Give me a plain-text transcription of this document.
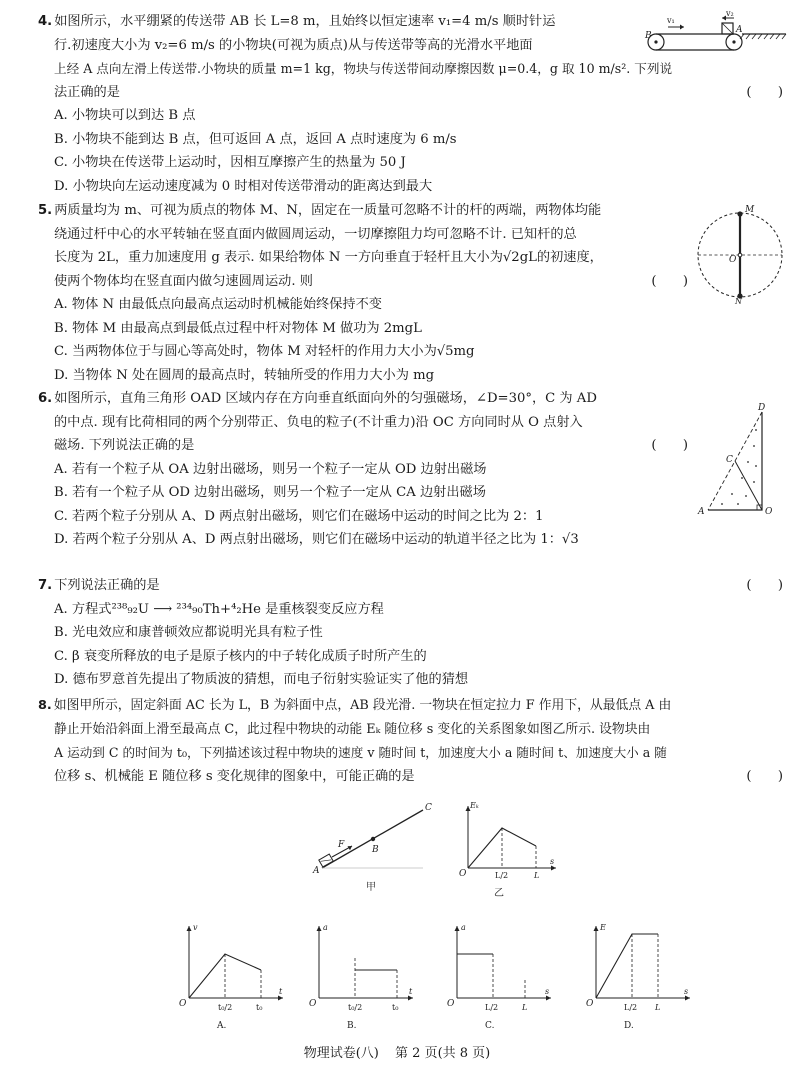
4. 如图所示，水平绷紧的传送带 AB 长 L=8 m，且始终以恒定速率 v₁=4 m/s 顺时针运
行.初速度大小为 v₂=6 m/s 的小物块(可视为质点)从与传送带等高的光滑水平地面
上经 A 点向左滑上传送带.小物块的质量 m=1 kg，物块与传送带间动摩擦因数 μ=0.4，g 取 10 m/s². 下列说
法正确的是	(　　)
A. 小物块可以到达 B 点
B. 小物块不能到达 B 点，但可返回 A 点，返回 A 点时速度为 6 m/s
C. 小物块在传送带上运动时，因相互摩擦产生的热量为 50 J
D. 小物块向左运动速度减为 0 时相对传送带滑动的距离达到最大
v₁
v₂
B
A
5. 两质量均为 m、可视为质点的物体 M、N，固定在一质量可忽略不计的杆的两端，两物体均能
绕通过杆中心的水平转轴在竖直面内做圆周运动，一切摩擦阻力均可忽略不计. 已知杆的总
长度为 2L，重力加速度用 g 表示. 如果给物体 N 一方向垂直于轻杆且大小为√2gL的初速度，
使两个物体均在竖直面内做匀速圆周运动. 则	(　　)
A. 物体 N 由最低点向最高点运动时机械能始终保持不变
B. 物体 M 由最高点到最低点过程中杆对物体 M 做功为 2mgL
C. 当两物体位于与圆心等高处时，物体 M 对轻杆的作用力大小为√5mg
D. 当物体 N 处在圆周的最高点时，转轴所受的作用力大小为 mg
M
O
N
6. 如图所示，直角三角形 OAD 区域内存在方向垂直纸面向外的匀强磁场，∠D=30°，C 为 AD
的中点. 现有比荷相同的两个分别带正、负电的粒子(不计重力)沿 OC 方向同时从 O 点射入
磁场. 下列说法正确的是	(　　)
A. 若有一个粒子从 OA 边射出磁场，则另一个粒子一定从 OD 边射出磁场
B. 若有一个粒子从 OD 边射出磁场，则另一个粒子一定从 CA 边射出磁场
C. 若两个粒子分别从 A、D 两点射出磁场，则它们在磁场中运动的时间之比为 2：1
D. 若两个粒子分别从 A、D 两点射出磁场，则它们在磁场中运动的轨道半径之比为 1：√3
D
C
A	O
7. 下列说法正确的是	(　　)
A. 方程式²³⁸₉₂U ⟶ ²³⁴₉₀Th+⁴₂He 是重核裂变反应方程
B. 光电效应和康普顿效应都说明光具有粒子性
C. β 衰变所释放的电子是原子核内的中子转化成质子时所产生的
D. 德布罗意首先提出了物质波的猜想，而电子衍射实验证实了他的猜想
8. 如图甲所示，固定斜面 AC 长为 L，B 为斜面中点，AB 段光滑. 一物块在恒定拉力 F 作用下，从最低点 A 由
静止开始沿斜面上滑至最高点 C，此过程中物块的动能 Eₖ 随位移 s 变化的关系图象如图乙所示. 设物块由
A 运动到 C 的时间为 t₀，下列描述该过程中物块的速度 v 随时间 t，加速度大小 a 随时间 t、加速度大小 a 随
位移 s、机械能 E 随位移 s 变化规律的图象中，可能正确的是	(　　)
C
B
A
F
甲
Eₖ
O	L/2	L
s
乙
v
O	t₀/2	t₀
t
A.
a
O	t₀/2	t₀
t
B.
a
O	L/2	L
s
C.
E
O	L/2 L
s
D.
物理试卷(八) 第 2 页(共 8 页)
